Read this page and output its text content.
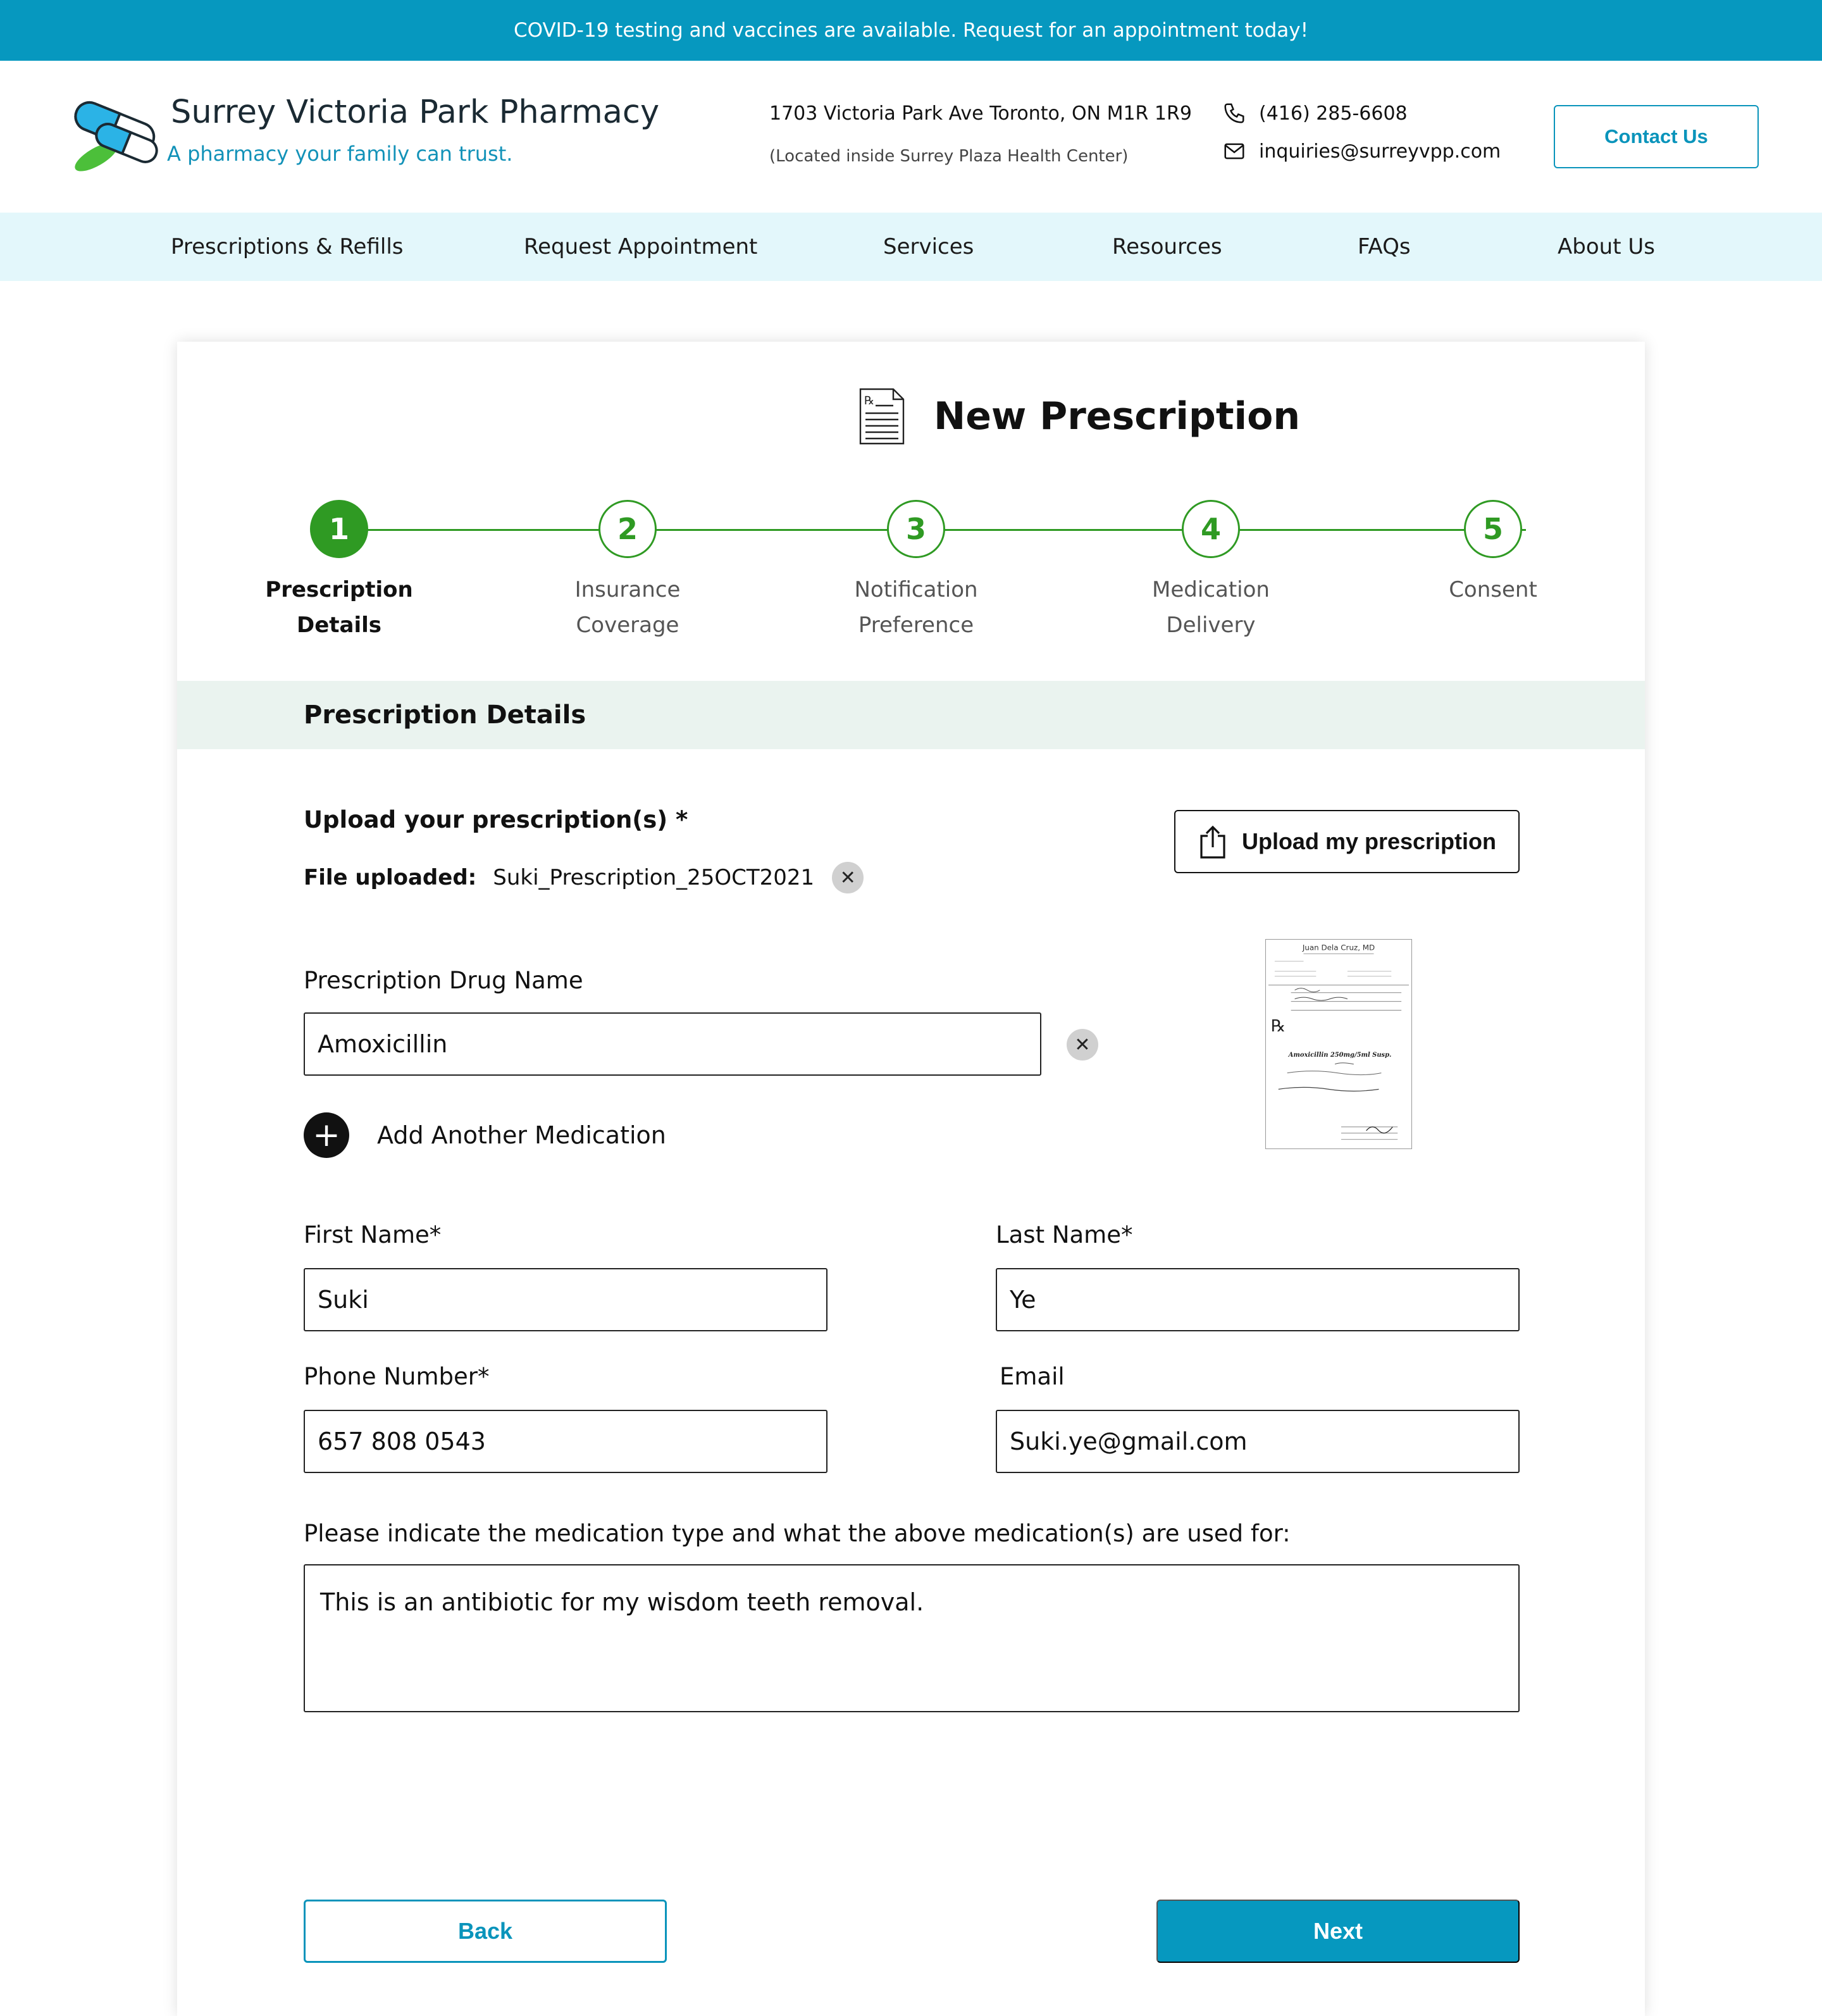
COVID-19 testing and vaccines are available. Request for an appointment today!
Surrey Victoria Park Pharmacy
A pharmacy your family can trust.
1703 Victoria Park Ave Toronto, ON M1R 1R9
(Located inside Surrey Plaza Health Center)
(416) 285-6608
inquiries@surreyvpp.com
Contact Us
Prescriptions & Refills	Request Appointment	Services	Resources	FAQs	About Us
℞ New Prescription
1
Prescription
Details
2
Insurance
Coverage
3
Notification
Preference
4
Medication
Delivery
5
Consent
Prescription Details
Upload your prescription(s) *
File uploaded: Suki_Prescription_25OCT2021	✕
Upload my prescription
Juan Dela Cruz, MD
℞
Amoxicillin 250mg/5ml Susp.
Prescription Drug Name
Amoxicillin	✕
+	Add Another Medication
First Name*
Suki
Last Name*
Ye
Phone Number*
657 808 0543
Email
Suki.ye@gmail.com
Please indicate the medication type and what the above medication(s) are used for:
This is an antibiotic for my wisdom teeth removal.
Back	Next
